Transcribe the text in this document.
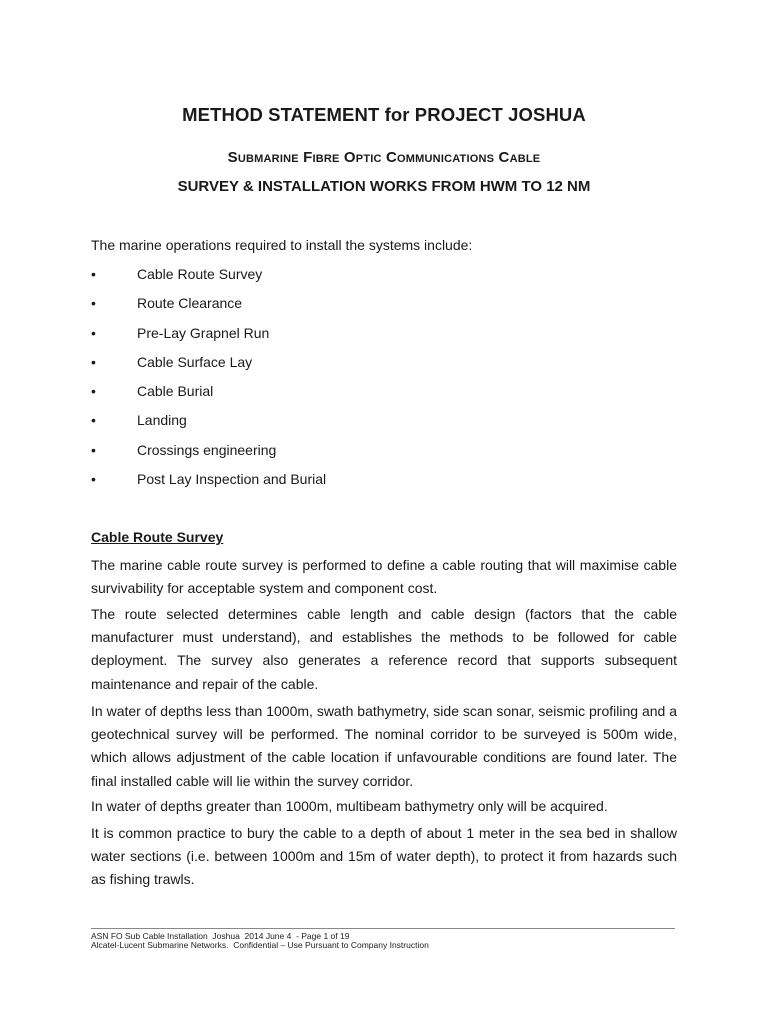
METHOD STATEMENT for PROJECT JOSHUA
Submarine Fibre Optic Communications Cable
SURVEY & INSTALLATION WORKS FROM HWM TO 12 NM
The marine operations required to install the systems include:
•	Cable Route Survey
•	Route Clearance
•	Pre-Lay Grapnel Run
•	Cable Surface Lay
•	Cable Burial
•	Landing
•	Crossings engineering
•	Post Lay Inspection and Burial
Cable Route Survey

The marine cable route survey is performed to define a cable routing that will maximise cable survivability for acceptable system and component cost.

The route selected determines cable length and cable design (factors that the cable manufacturer must understand), and establishes the methods to be followed for cable deployment. The survey also generates a reference record that supports subsequent maintenance and repair of the cable.

In water of depths less than 1000m, swath bathymetry, side scan sonar, seismic profiling and a geotechnical survey will be performed. The nominal corridor to be surveyed is 500m wide, which allows adjustment of the cable location if unfavourable conditions are found later. The final installed cable will lie within the survey corridor.

In water of depths greater than 1000m, multibeam bathymetry only will be acquired.

It is common practice to bury the cable to a depth of about 1 meter in the sea bed in shallow water sections (i.e. between 1000m and 15m of water depth), to protect it from hazards such as fishing trawls.

ASN FO Sub Cable Installation  Joshua  2014 June 4  - Page 1 of 19
Alcatel-Lucent Submarine Networks.  Confidential – Use Pursuant to Company Instruction
